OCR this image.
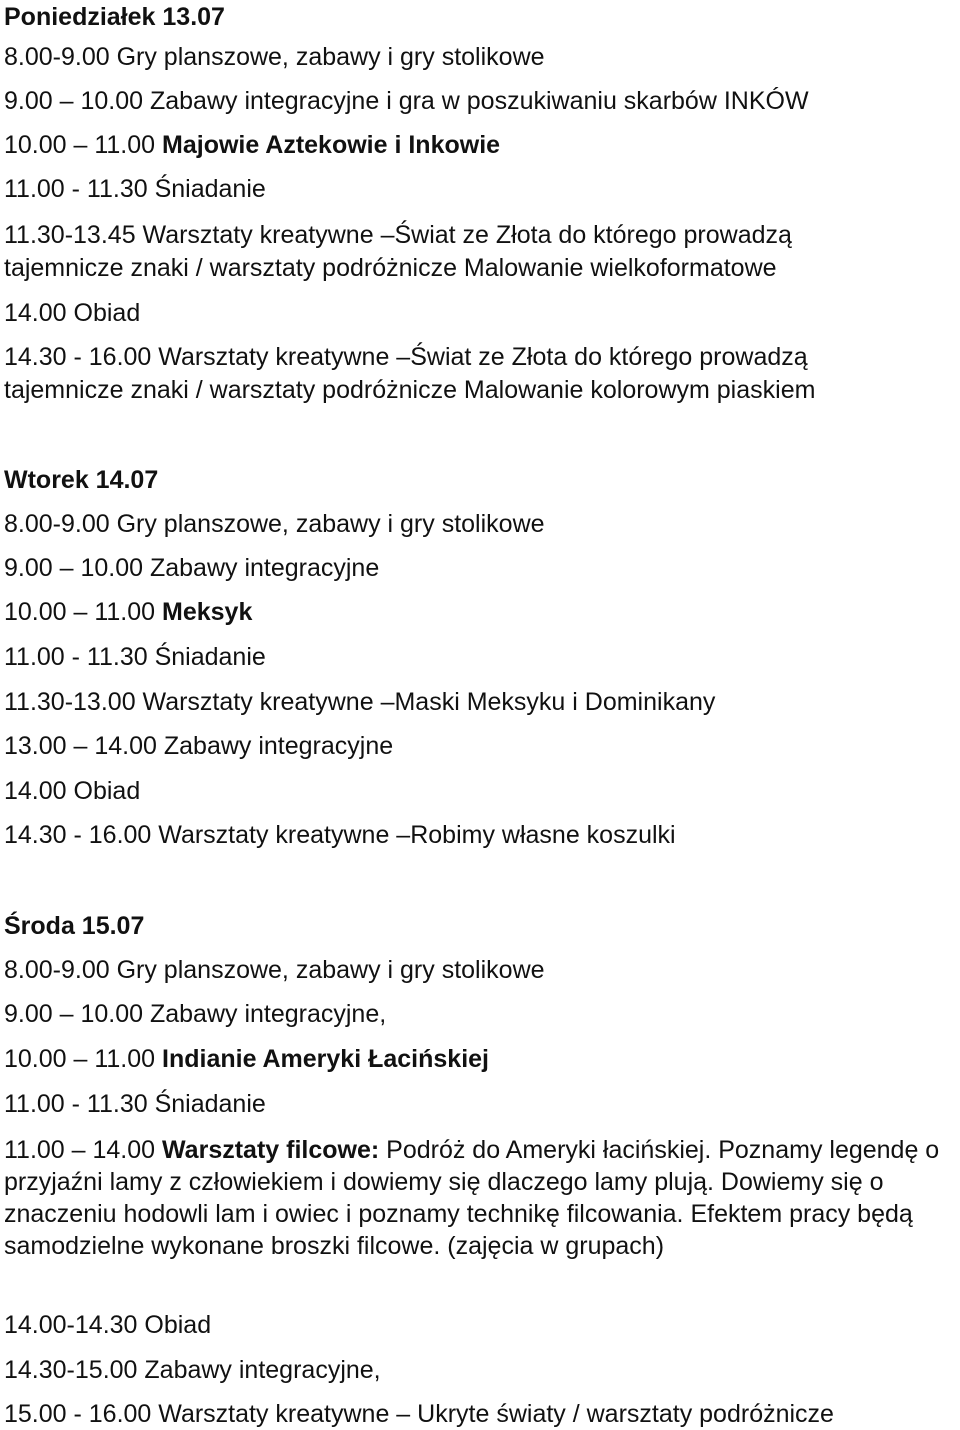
Poniedziałek 13.07
8.00-9.00 Gry planszowe, zabawy i gry stolikowe
9.00 – 10.00 Zabawy integracyjne i gra w poszukiwaniu skarbów INKÓW
10.00 – 11.00 Majowie Aztekowie i Inkowie
11.00 - 11.30 Śniadanie
11.30-13.45 Warsztaty kreatywne –Świat ze Złota do którego prowadzą
tajemnicze znaki / warsztaty podróżnicze Malowanie wielkoformatowe
14.00 Obiad
14.30 - 16.00 Warsztaty kreatywne –Świat ze Złota do którego prowadzą
tajemnicze znaki / warsztaty podróżnicze Malowanie kolorowym piaskiem
Wtorek 14.07
8.00-9.00 Gry planszowe, zabawy i gry stolikowe
9.00 – 10.00 Zabawy integracyjne
10.00 – 11.00 Meksyk
11.00 - 11.30 Śniadanie
11.30-13.00 Warsztaty kreatywne –Maski Meksyku i Dominikany
13.00 – 14.00 Zabawy integracyjne
14.00 Obiad
14.30 - 16.00 Warsztaty kreatywne –Robimy własne koszulki
Środa 15.07
8.00-9.00 Gry planszowe, zabawy i gry stolikowe
9.00 – 10.00 Zabawy integracyjne,
10.00 – 11.00 Indianie Ameryki Łacińskiej
11.00 - 11.30 Śniadanie
11.00 – 14.00 Warsztaty filcowe: Podróż do Ameryki łacińskiej. Poznamy legendę o przyjaźni lamy z człowiekiem i dowiemy się dlaczego lamy plują. Dowiemy się o znaczeniu hodowli lam i owiec i poznamy technikę filcowania. Efektem pracy będą samodzielne wykonane broszki filcowe. (zajęcia w grupach)
14.00-14.30 Obiad
14.30-15.00 Zabawy integracyjne,
15.00 - 16.00 Warsztaty kreatywne – Ukryte światy / warsztaty podróżnicze
